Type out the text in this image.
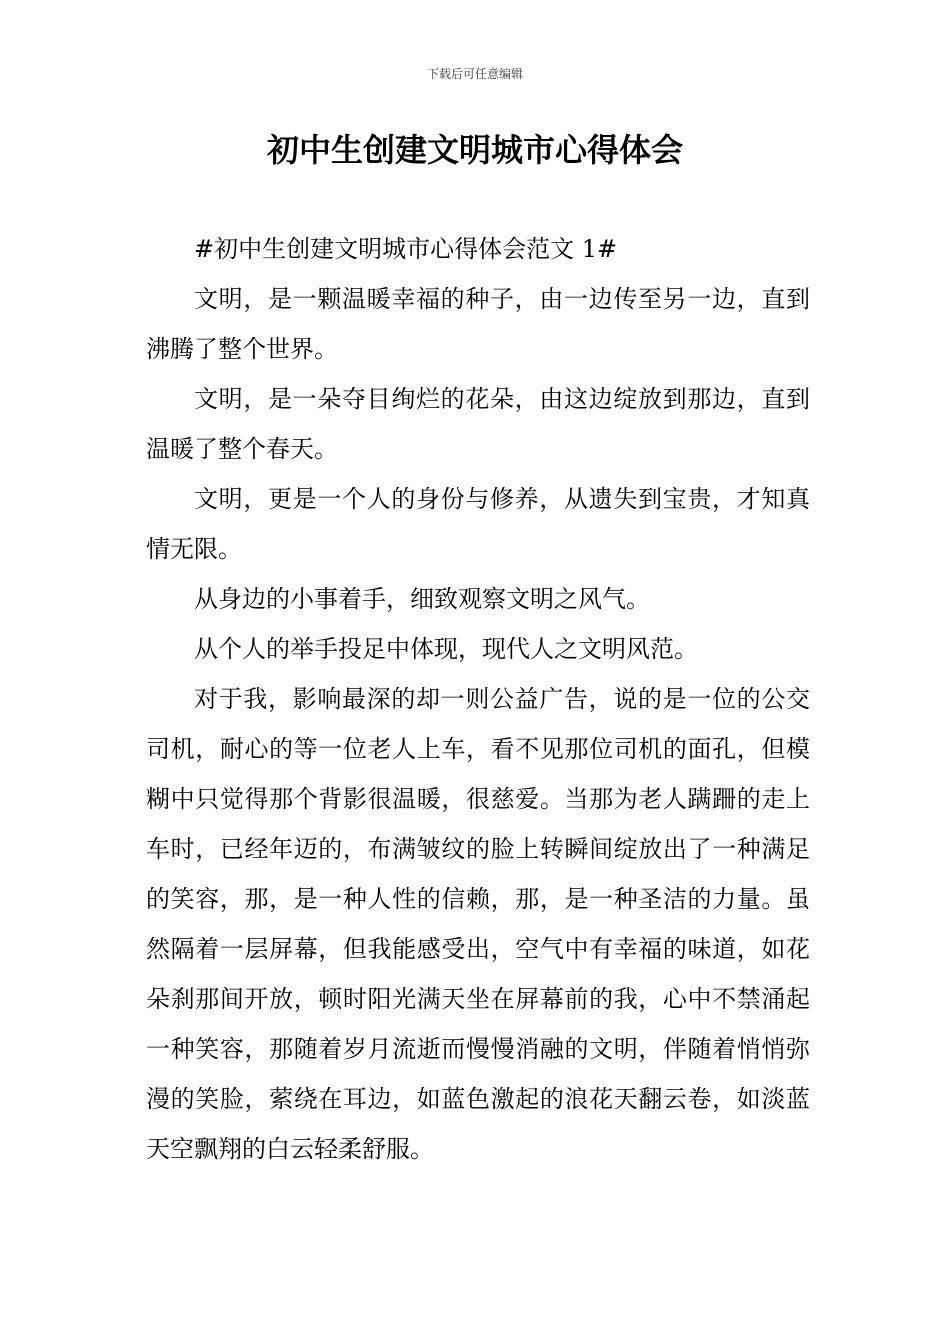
下载后可任意编辑
初中生创建文明城市心得体会

#初中生创建文明城市心得体会范文 1#

文明，是一颗温暖幸福的种子，由一边传至另一边，直到沸腾了整个世界。

文明，是一朵夺目绚烂的花朵，由这边绽放到那边，直到温暖了整个春天。

文明，更是一个人的身份与修养，从遗失到宝贵，才知真情无限。

从身边的小事着手，细致观察文明之风气。

从个人的举手投足中体现，现代人之文明风范。

对于我，影响最深的却一则公益广告，说的是一位的公交司机，耐心的等一位老人上车，看不见那位司机的面孔，但模糊中只觉得那个背影很温暖，很慈爱。当那为老人蹒跚的走上车时，已经年迈的，布满皱纹的脸上转瞬间绽放出了一种满足的笑容，那，是一种人性的信赖，那，是一种圣洁的力量。虽然隔着一层屏幕，但我能感受出，空气中有幸福的味道，如花朵刹那间开放，顿时阳光满天坐在屏幕前的我，心中不禁涌起一种笑容，那随着岁月流逝而慢慢消融的文明，伴随着悄悄弥漫的笑脸，萦绕在耳边，如蓝色激起的浪花天翻云卷，如淡蓝天空飘翔的白云轻柔舒服。
